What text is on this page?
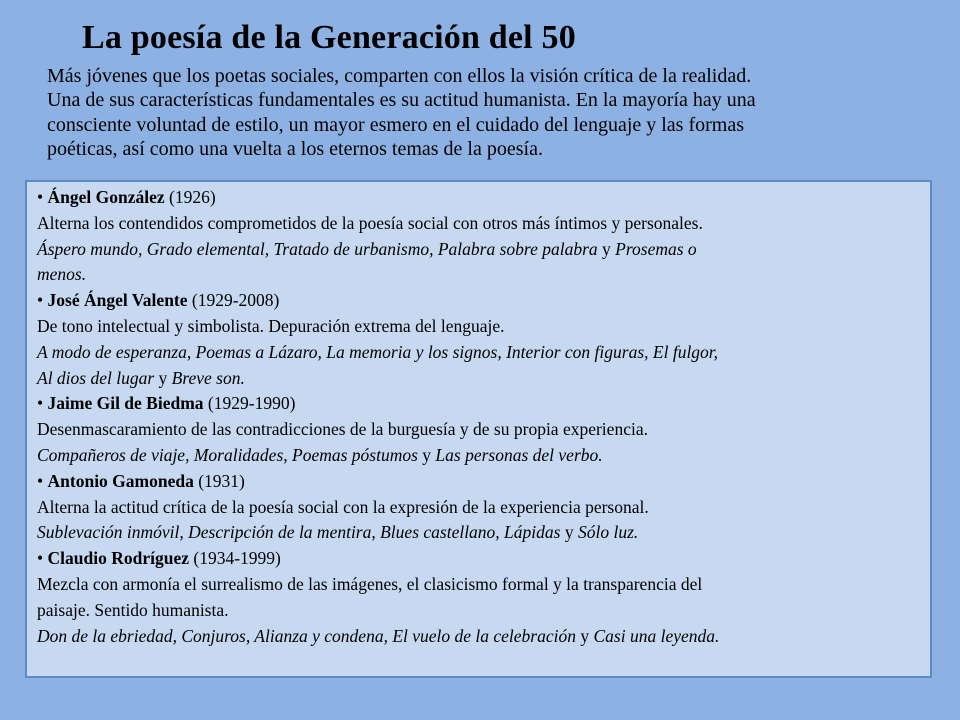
La poesía de la Generación del 50
Más jóvenes que los poetas sociales, comparten con ellos la visión crítica de la realidad.
Una de sus características fundamentales es su actitud humanista. En la mayoría hay una
consciente voluntad de estilo, un mayor esmero en el cuidado del lenguaje y las formas
poéticas, así como una vuelta a los eternos temas de la poesía.
• Ángel González (1926)
Alterna los contendidos comprometidos de la poesía social con otros más íntimos y personales.
Áspero mundo, Grado elemental, Tratado de urbanismo, Palabra sobre palabra y Prosemas o
menos.
• José Ángel Valente (1929-2008)
De tono intelectual y simbolista. Depuración extrema del lenguaje.
A modo de esperanza, Poemas a Lázaro, La memoria y los signos, Interior con figuras, El fulgor,
Al dios del lugar y Breve son.
• Jaime Gil de Biedma (1929-1990)
Desenmascaramiento de las contradicciones de la burguesía y de su propia experiencia.
Compañeros de viaje, Moralidades, Poemas póstumos y Las personas del verbo.
• Antonio Gamoneda (1931)
Alterna la actitud crítica de la poesía social con la expresión de la experiencia personal.
Sublevación inmóvil, Descripción de la mentira, Blues castellano, Lápidas y Sólo luz.
• Claudio Rodríguez (1934-1999)
Mezcla con armonía el surrealismo de las imágenes, el clasicismo formal y la transparencia del
paisaje. Sentido humanista.
Don de la ebriedad, Conjuros, Alianza y condena, El vuelo de la celebración y Casi una leyenda.
